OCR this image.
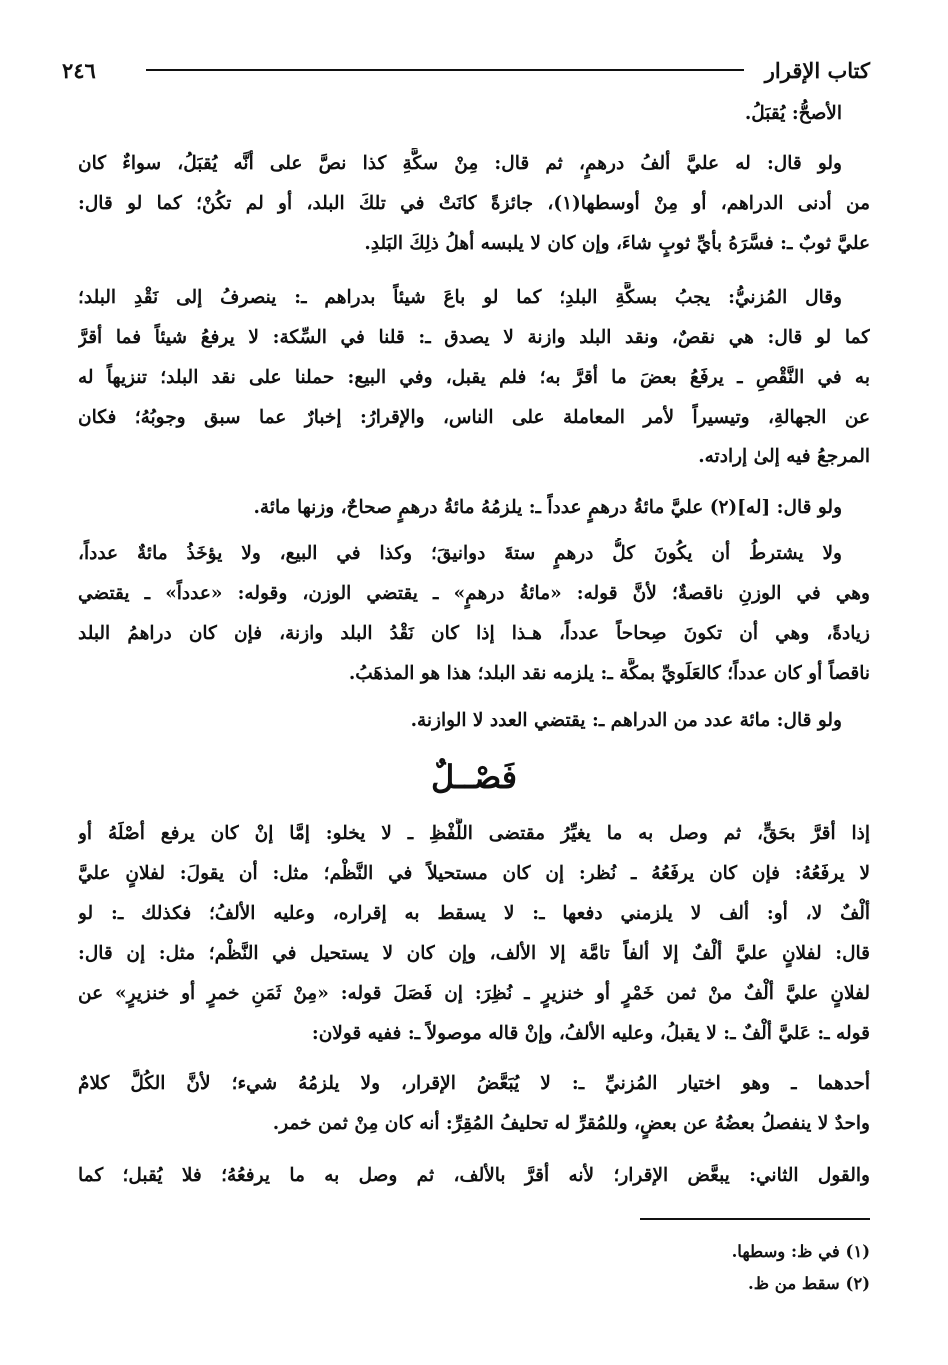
كتاب الإقرار
٢٤٦
الأصحُّ: يُقبَلُ.
ولو قال: له عليَّ ألفُ درهمٍ، ثم قال: مِنْ سكَّةِ كذا نصَّ على أنَّه يُقبَلُ، سواءٌ كان
من أدنى الدراهم، أو مِنْ أوسطها(١)، جائزةً كانَتْ في تلكَ البلد، أو لم تكُنْ؛ كما لو قال:
عليَّ ثوبٌ ـ: فسَّرَهُ بأيِّ ثوبٍ شاءَ، وإن كان لا يلبسه أهلُ ذلِكَ البَلدِ.
وقال المُزنيُّ: يجبُ بسكَّةِ البلدِ؛ كما لو باعَ شيئاً بدراهم ـ: ينصرفُ إلى نَقْدِ البلد؛
كما لو قال: هي نقصٌ، ونقد البلد وازنة لا يصدق ـ: قلنا في السِّكة: لا يرفعُ شيئاً فما أقرَّ
به في النَّقْصِ ـ يرفَعُ بعضَ ما أقرَّ به؛ فلم يقبل، وفي البيع: حملنا على نقد البلد؛ تنزيهاً له
عن الجهالةِ، وتيسيراً لأمر المعاملة على الناس، والإقرارُ: إخبارٌ عما سبق وجوبُهُ؛ فكان
المرجعُ فيه إلىٰ إرادته.
ولو قال: [له](٢) عليَّ مائةُ درهمٍ عدداً ـ: يلزمُهُ مائةُ درهمٍ صحاحٌ، وزنها مائة.
ولا يشترطُ أن يكُونَ كلُّ درهمٍ ستةَ دوانيقَ؛ وكذا في البيع، ولا يؤخَذُ مائةٌ عدداً،
وهي في الوزنِ ناقصةٌ؛ لأنَّ قوله: «مائةُ درهمٍ» ـ يقتضي الوزن، وقوله: «عدداً» ـ يقتضي
زيادةً، وهي أن تكونَ صِحاحاً عدداً، هـذا إذا كان نَقْدُ البلد وازنة، فإن كان دراهمُ البلد
ناقصاً أو كان عدداً؛ كالعَلَويِّ بمكَّة ـ: يلزمه نقد البلد؛ هذا هو المذهَبُ.
ولو قال: مائة عدد من الدراهم ـ: يقتضي العدد لا الوازنة.
فَصْــلٌ
إذا أقرَّ بحَقٍّ، ثم وصل به ما يغيِّرُ مقتضى اللَّفْظِ ـ لا يخلو: إمَّا إنْ كان يرفع أصْلَهُ أو
لا يرفَعُهُ: فإن كان يرفَعُهُ ـ نُظر: إن كان مستحيلاً في النَّظْم؛ مثل: أن يقولَ: لفلانٍ عليَّ
ألْفٌ لا، أو: ألف لا يلزمني دفعها ـ: لا يسقط به إقراره، وعليه الألفُ؛ فكذلك ـ: لو
قال: لفلانٍ عليَّ ألْفٌ إلا ألفاً تامَّة إلا الألف، وإن كان لا يستحيل في النَّظْم؛ مثل: إن قال:
لفلانٍ عليَّ ألْفٌ منْ ثمن خَمْرٍ أو خنزيرٍ ـ نُظِرَ: إن فَصَلَ قوله: «مِنْ ثَمَنِ خمرٍ أو خنزيرٍ» عن
قوله ـ: عَليَّ ألْفٌ ـ: لا يقبلُ، وعليه الألفُ، وإنْ قاله موصولاً ـ: ففيه قولان:
أحدهما ـ وهو اختيار المُزنيِّ ـ: لا يُبَعَّضُ الإقرار، ولا يلزمُهُ شيء؛ لأنَّ الكُلَّ كلامٌ
واحدٌ لا ينفصلُ بعضُهُ عن بعضٍ، وللمُقرِّ له تحليفُ المُقِرِّ: أنه كان مِنْ ثمن خمر.
والقول الثاني: يبعَّض الإقرار؛ لأنه أقرَّ بالألف، ثم وصل به ما يرفعُهُ؛ فلا يُقبل؛ كما
(١) في ظ: وسطها.
(٢) سقط من ظ.
